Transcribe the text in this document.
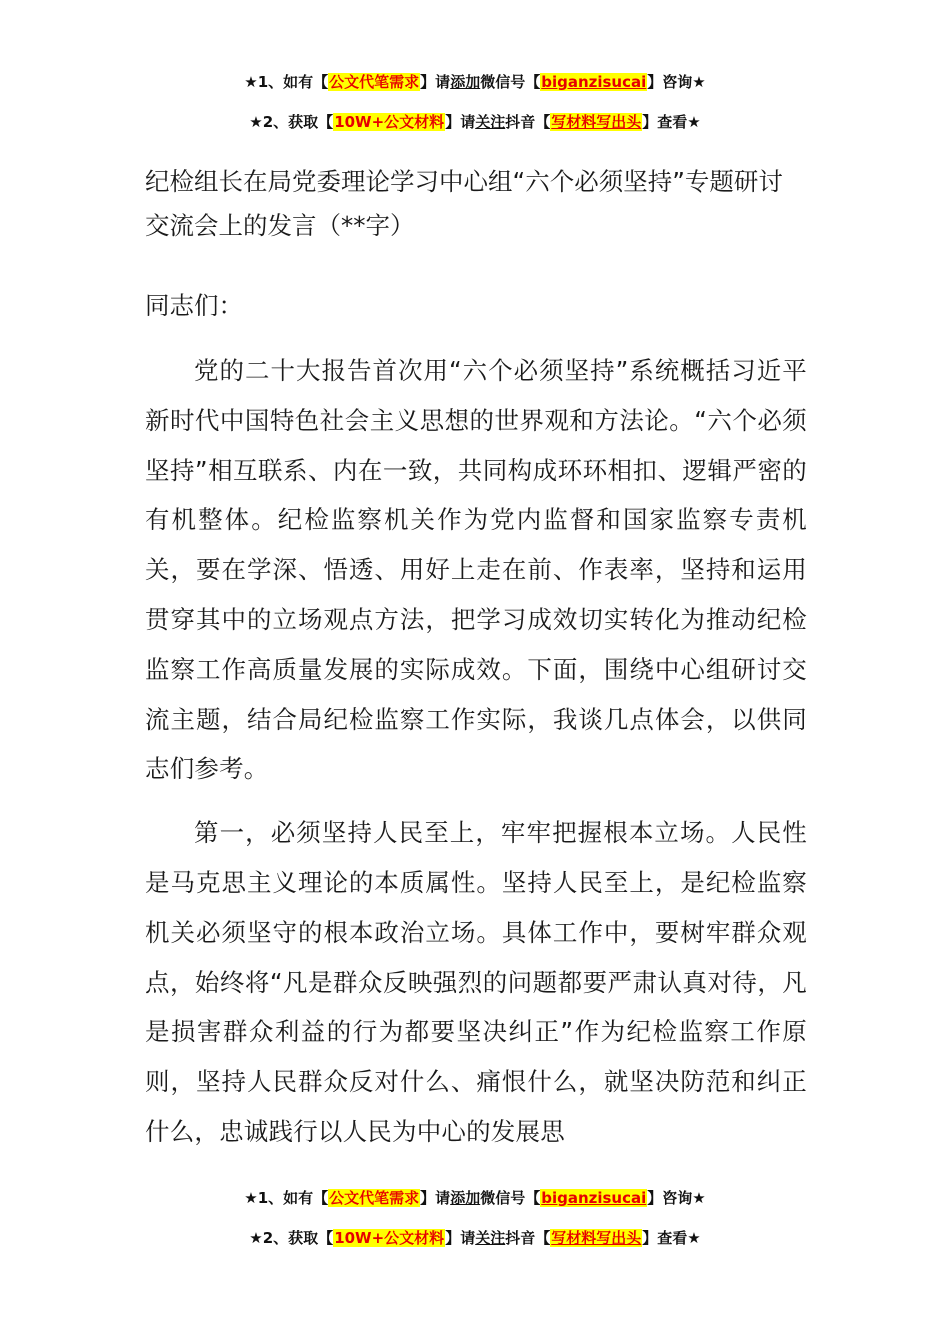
★1、如有【公文代笔需求】请添加微信号【biganzisucai】咨询★
★2、获取【10W+公文材料】请关注抖音【写材料写出头】查看★

纪检组长在局党委理论学习中心组“六个必须坚持”专题研讨交流会上的发言（**字）

同志们：

党的二十大报告首次用“六个必须坚持”系统概括习近平新时代中国特色社会主义思想的世界观和方法论。“六个必须坚持”相互联系、内在一致，共同构成环环相扣、逻辑严密的有机整体。纪检监察机关作为党内监督和国家监察专责机关，要在学深、悟透、用好上走在前、作表率，坚持和运用贯穿其中的立场观点方法，把学习成效切实转化为推动纪检监察工作高质量发展的实际成效。下面，围绕中心组研讨交流主题，结合局纪检监察工作实际，我谈几点体会，以供同志们参考。

第一，必须坚持人民至上，牢牢把握根本立场。人民性是马克思主义理论的本质属性。坚持人民至上，是纪检监察机关必须坚守的根本政治立场。具体工作中，要树牢群众观点，始终将“凡是群众反映强烈的问题都要严肃认真对待，凡是损害群众利益的行为都要坚决纠正”作为纪检监察工作原则，坚持人民群众反对什么、痛恨什么，就坚决防范和纠正什么，忠诚践行以人民为中心的发展思

★1、如有【公文代笔需求】请添加微信号【biganzisucai】咨询★
★2、获取【10W+公文材料】请关注抖音【写材料写出头】查看★
